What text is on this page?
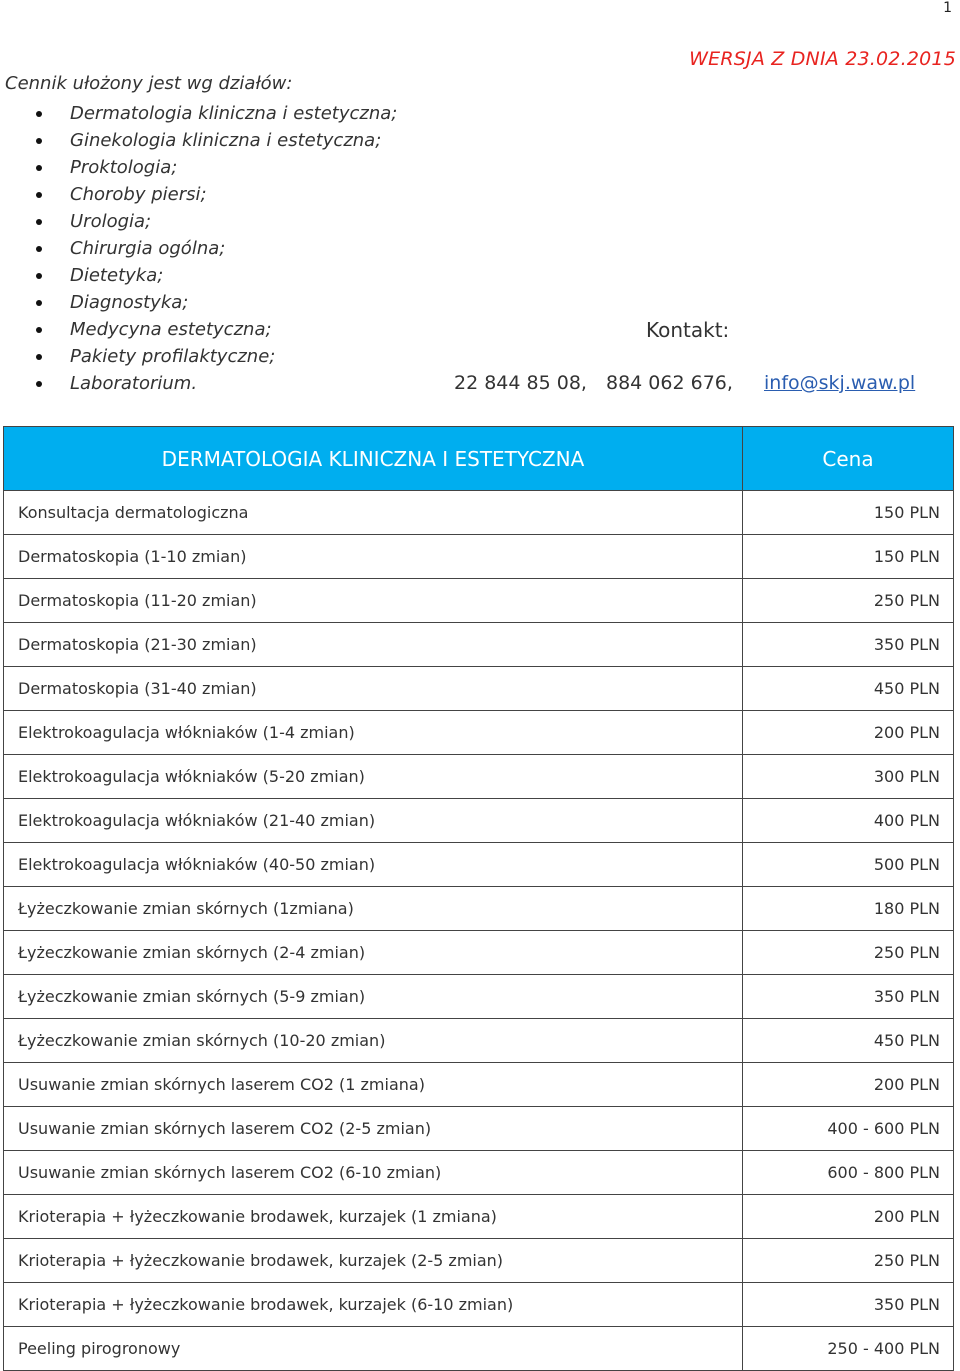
1
WERSJA Z DNIA 23.02.2015
Cennik ułożony jest wg działów:
Dermatologia kliniczna i estetyczna;
Ginekologia kliniczna i estetyczna;
Proktologia;
Choroby piersi;
Urologia;
Chirurgia ogólna;
Dietetyka;
Diagnostyka;
Medycyna estetyczna;
Pakiety profilaktyczne;
Laboratorium.
Kontakt:
22 844 85 08, 884 062 676, info@skj.waw.pl
DERMATOLOGIA KLINICZNA I ESTETYCZNA	Cena
Konsultacja dermatologiczna	150 PLN
Dermatoskopia (1-10 zmian)	150 PLN
Dermatoskopia (11-20 zmian)	250 PLN
Dermatoskopia (21-30 zmian)	350 PLN
Dermatoskopia (31-40 zmian)	450 PLN
Elektrokoagulacja włókniaków (1-4 zmian)	200 PLN
Elektrokoagulacja włókniaków (5-20 zmian)	300 PLN
Elektrokoagulacja włókniaków (21-40 zmian)	400 PLN
Elektrokoagulacja włókniaków (40-50 zmian)	500 PLN
Łyżeczkowanie zmian skórnych (1zmiana)	180 PLN
Łyżeczkowanie zmian skórnych (2-4 zmian)	250 PLN
Łyżeczkowanie zmian skórnych (5-9 zmian)	350 PLN
Łyżeczkowanie zmian skórnych (10-20 zmian)	450 PLN
Usuwanie zmian skórnych laserem CO2 (1 zmiana)	200 PLN
Usuwanie zmian skórnych laserem CO2 (2-5 zmian)	400 - 600 PLN
Usuwanie zmian skórnych laserem CO2 (6-10 zmian)	600 - 800 PLN
Krioterapia + łyżeczkowanie brodawek, kurzajek (1 zmiana)	200 PLN
Krioterapia + łyżeczkowanie brodawek, kurzajek (2-5 zmian)	250 PLN
Krioterapia + łyżeczkowanie brodawek, kurzajek (6-10 zmian)	350 PLN
Peeling pirogronowy	250 - 400 PLN
